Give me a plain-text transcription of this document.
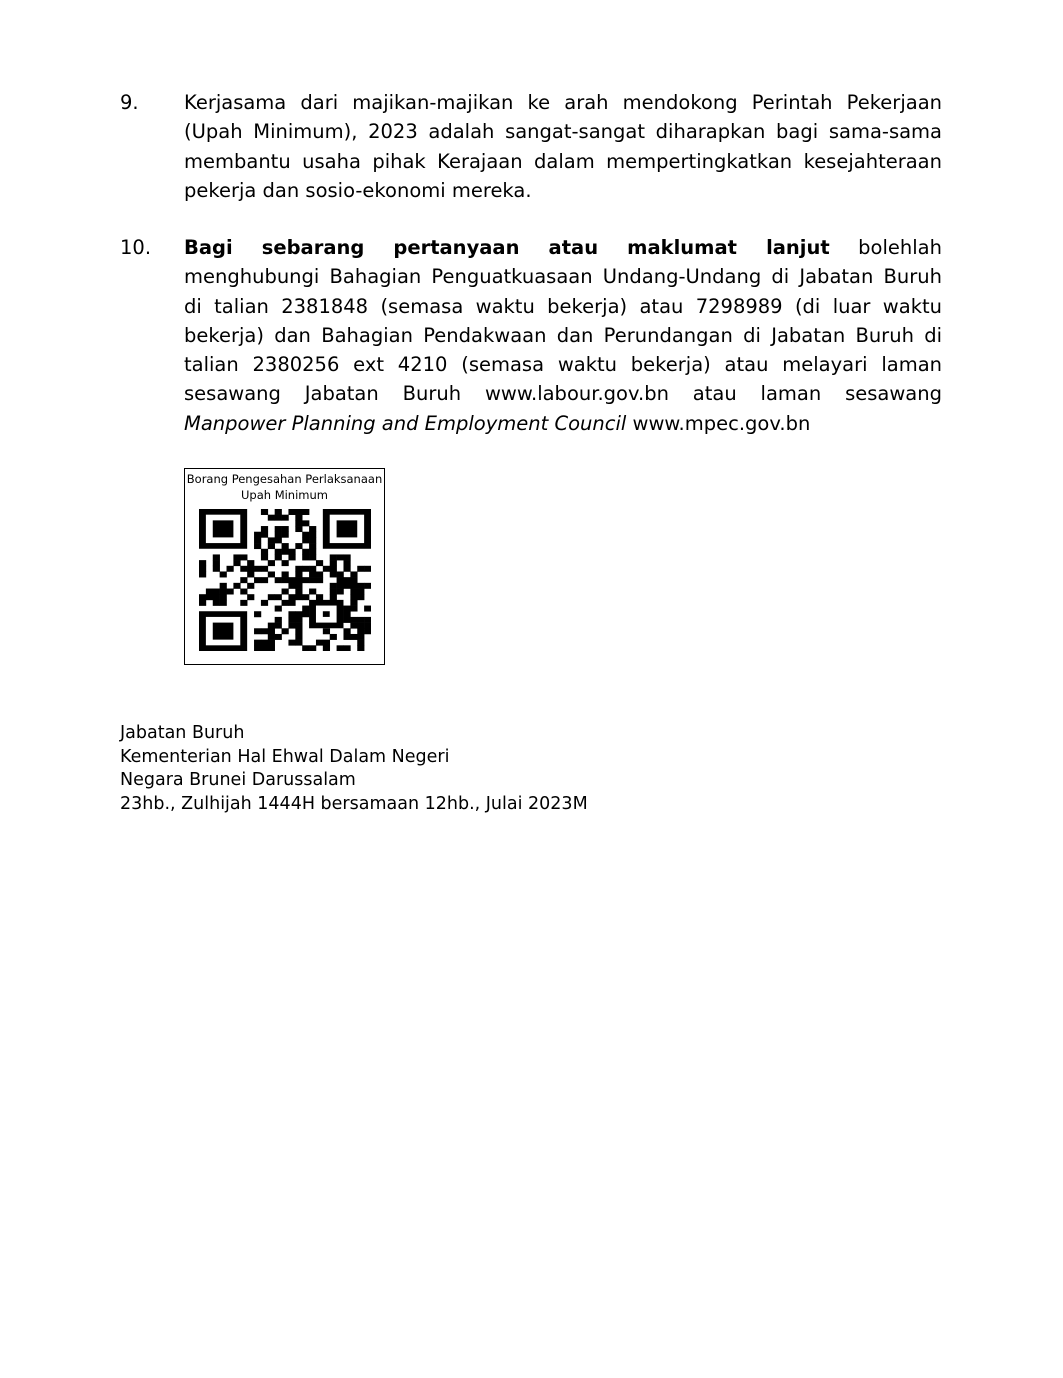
9. Kerjasama dari majikan-majikan ke arah mendokong Perintah Pekerjaan (Upah Minimum), 2023 adalah sangat-sangat diharapkan bagi sama-sama membantu usaha pihak Kerajaan dalam mempertingkatkan kesejahteraan pekerja dan sosio-ekonomi mereka.
10. Bagi sebarang pertanyaan atau maklumat lanjut bolehlah menghubungi Bahagian Penguatkuasaan Undang-Undang di Jabatan Buruh di talian 2381848 (semasa waktu bekerja) atau 7298989 (di luar waktu bekerja) dan Bahagian Pendakwaan dan Perundangan di Jabatan Buruh di talian 2380256 ext 4210 (semasa waktu bekerja) atau melayari laman sesawang Jabatan Buruh www.labour.gov.bn atau laman sesawang Manpower Planning and Employment Council www.mpec.gov.bn
Borang Pengesahan Perlaksanaan
Upah Minimum
Jabatan Buruh
Kementerian Hal Ehwal Dalam Negeri
Negara Brunei Darussalam
23hb., Zulhijah 1444H bersamaan 12hb., Julai 2023M
